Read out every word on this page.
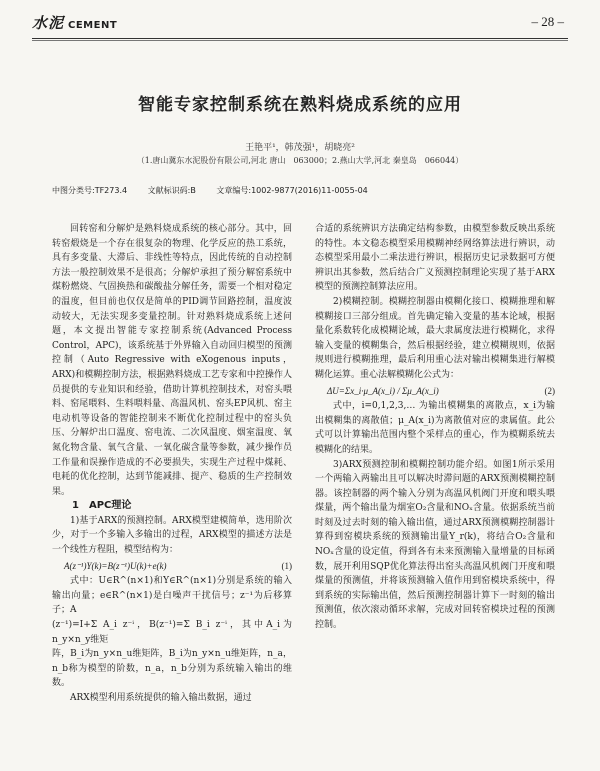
水泥 CEMENT	– 28 –
智能专家控制系统在熟料烧成系统的应用
王艳平¹，韩茂强¹，胡晓亮²
（1.唐山冀东水泥股份有限公司,河北 唐山　063000；2.燕山大学,河北 秦皇岛　066044）
中图分类号:TF273.4	文献标识码:B	文章编号:1002-9877(2016)11-0055-04

回转窑和分解炉是熟料烧成系统的核心部分。其中，回转窑煅烧是一个存在很复杂的物理、化学反应的热工系统，具有多变量、大滞后、非线性等特点，因此传统的自动控制方法一般控制效果不是很高；分解炉承担了预分解窑系统中煤粉燃烧、气固换热和碳酸盐分解任务，需要一个相对稳定的温度，但目前也仅仅是简单的PID调节回路控制，温度波动较大，无法实现多变量控制。针对熟料烧成系统上述问题，本文提出智能专家控制系统(Advanced Process Control，APC)，该系统基于外界输入自动回归模型的预测控制（Auto Regressive with eXogenous inputs，ARX)和模糊控制方法，根据熟料烧成工艺专家和中控操作人员提供的专业知识和经验，借助计算机控制技术，对窑头喂料、窑尾喂料、生料喂料量、高温风机、窑头EP风机、窑主电动机等设备的智能控制来不断优化控制过程中的窑头负压、分解炉出口温度、窑电流、二次风温度、烟室温度、氧氮化物含量、氧气含量、一氧化碳含量等参数，减少操作员工作量和误操作造成的不必要损失，实现生产过程中煤耗、电耗的优化控制，达到节能减排、提产、稳质的生产控制效果。

1　APC理论

1)基于ARX的预测控制。ARX模型建模简单，选用阶次少，对于一个多输入多输出的过程，ARX模型的描述方法是一个线性方程阻，模型结构为：

A(z⁻¹)Y(k)=B(z⁻¹)U(k)+e(k)	(1)

式中：U∈R^(n×1)和Y∈R^(n×1)分别是系统的输入输出向量；e∈R^(n×1)是白噪声干扰信号；z⁻¹为后移算子；A

(z⁻¹)=I+Σ A_i z⁻ⁱ，B(z⁻¹)=Σ B_i z⁻ⁱ，其中A_i为n_y×n_y维矩

阵，B_i为n_y×n_u维矩阵，B_i为n_y×n_u维矩阵，n_a，n_b称为模型的阶数，n_a，n_b分别为系统输入输出的维数。

ARX模型利用系统提供的输入输出数据，通过

合适的系统辨识方法确定结构参数，由模型参数反映出系统的特性。本文稳态模型采用模糊神经网络算法进行辨识，动态模型采用最小二乘法进行辨识，根据历史记录数据可方便辨识出其参数，然后结合广义预测控制理论实现了基于ARX模型的预测控制算法应用。

2)模糊控制。模糊控制器由模糊化接口、模糊推理和解模糊接口三部分组成。首先确定输入变量的基本论域，根据量化系数转化成模糊论域，最大隶属度法进行模糊化，求得输入变量的模糊集合，然后根据经验，建立模糊规则，依据规则进行模糊推理，最后利用重心法对输出模糊集进行解模糊化运算。重心法解模糊化公式为：

ΔU=Σx_i·μ_A(x_i) / Σμ_A(x_i)	(2)

式中，i=0,1,2,3,… 为输出模糊集的离散点，x_i为输出模糊集的离散值；μ_A(x_i)为离散值对应的隶属值。此公式可以计算输出范围内整个采样点的重心，作为模糊系统去模糊化的结果。

3)ARX预测控制和模糊控制功能介绍。如图1所示采用一个两输入两输出且可以解决时滞问题的ARX预测模糊控制器。该控制器的两个输入分别为高温风机阀门开度和喂头喂煤量，两个输出量为烟室O₂含量和NOₓ含量。依据系统当前时刻及过去时刻的输入输出值，通过ARX预测模糊控制器计算得到窑模块系统的预测输出量Y_r(k)，将结合O₂含量和NOₓ含量的设定值，得到各有未来预测输入量增量的目标函数，展开利用SQP优化算法得出窑头高温风机阀门开度和喂煤量的预测值，并将该预测输入值作用到窑模块系统中，得到系统的实际输出值，然后预测控制器计算下一时刻的输出预测值，依次滚动循环求解，完成对回转窑模块过程的预测控制。
